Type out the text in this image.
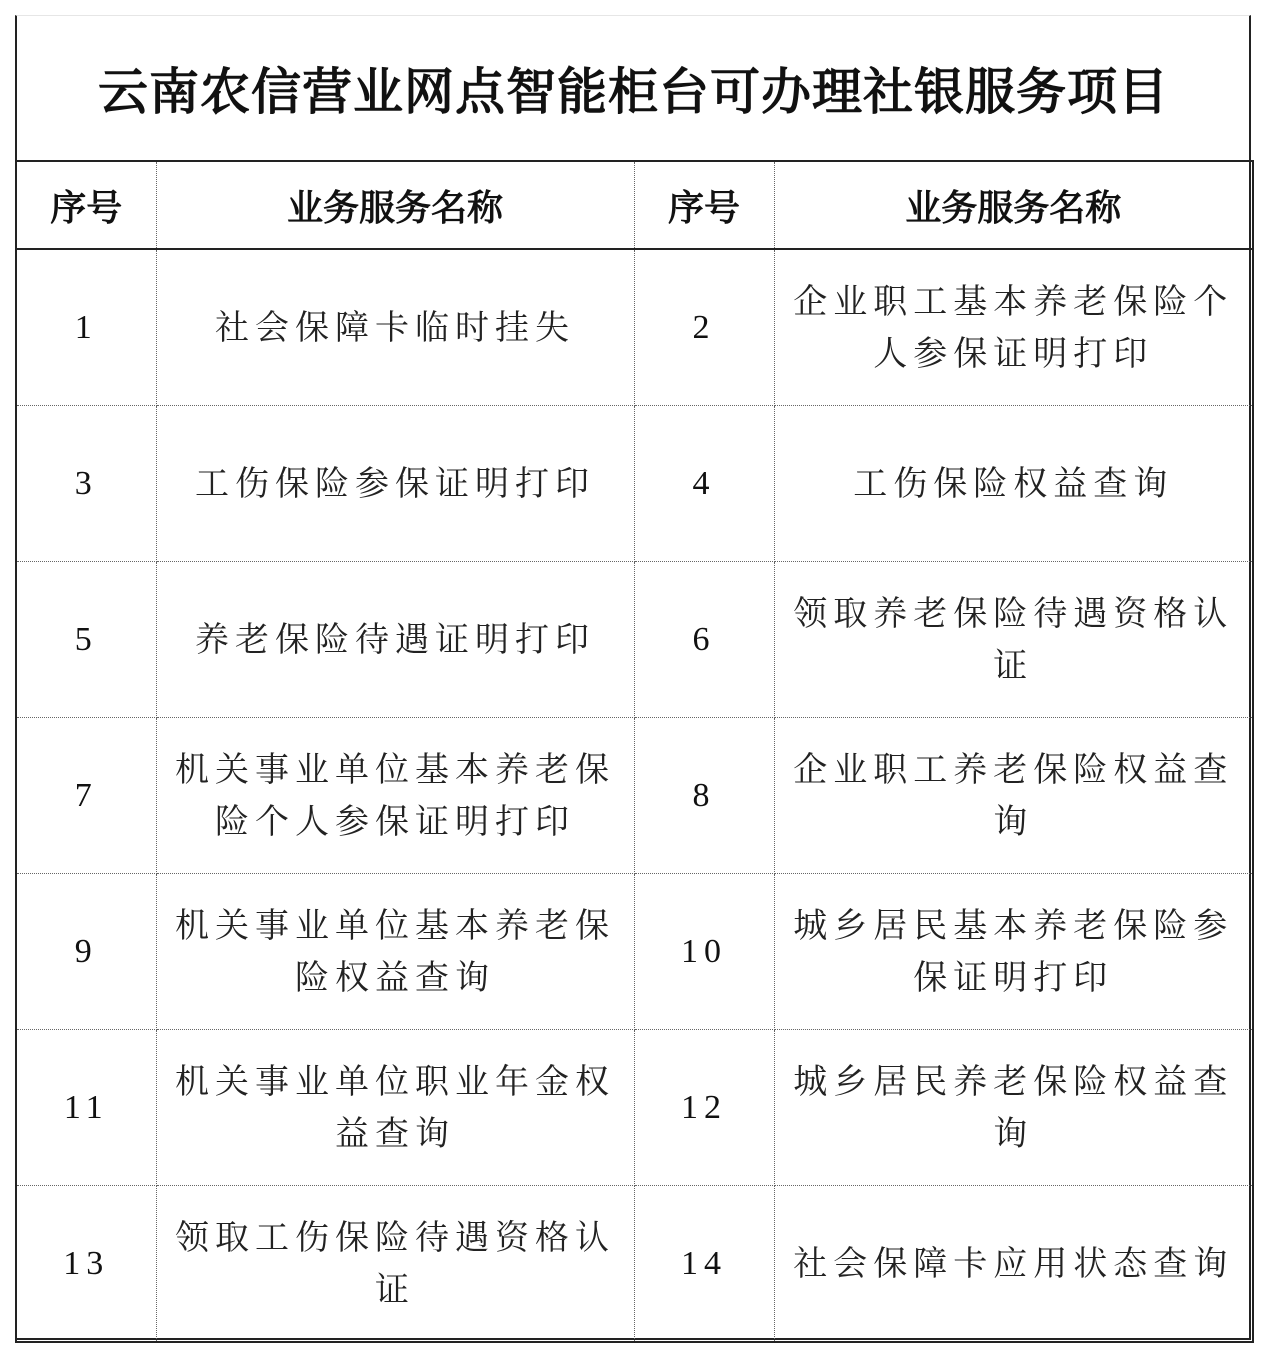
云南农信营业网点智能柜台可办理社银服务项目
序号	业务服务名称	序号	业务服务名称
1	社会保障卡临时挂失	2	企业职工基本养老保险个人参保证明打印
3	工伤保险参保证明打印	4	工伤保险权益查询
5	养老保险待遇证明打印	6	领取养老保险待遇资格认证
7	机关事业单位基本养老保险个人参保证明打印	8	企业职工养老保险权益查询
9	机关事业单位基本养老保险权益查询	10	城乡居民基本养老保险参保证明打印
11	机关事业单位职业年金权益查询	12	城乡居民养老保险权益查询
13	领取工伤保险待遇资格认证	14	社会保障卡应用状态查询
